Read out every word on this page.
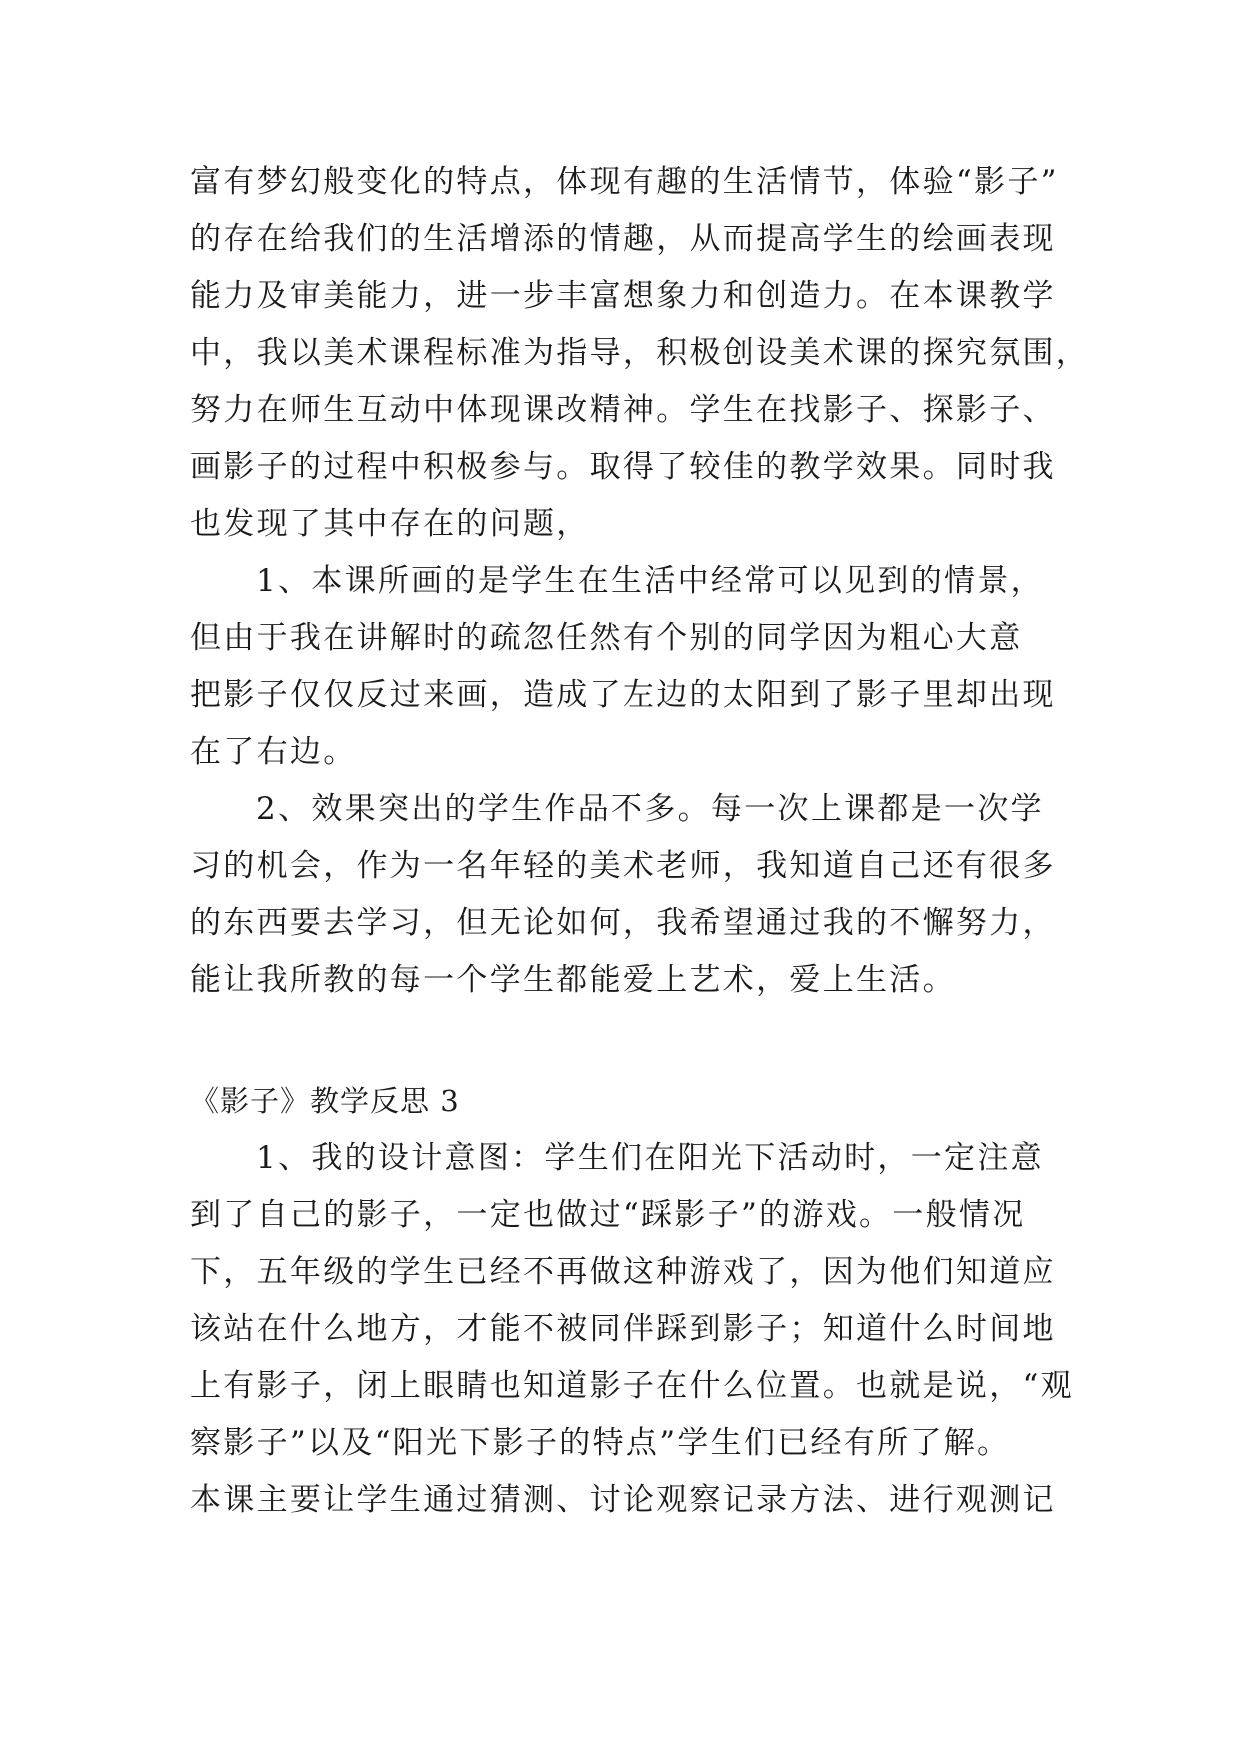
富有梦幻般变化的特点，体现有趣的生活情节，体验“影子”
的存在给我们的生活增添的情趣，从而提高学生的绘画表现
能力及审美能力，进一步丰富想象力和创造力。在本课教学
中，我以美术课程标准为指导，积极创设美术课的探究氛围，
努力在师生互动中体现课改精神。学生在找影子、探影子、
画影子的过程中积极参与。取得了较佳的教学效果。同时我
也发现了其中存在的问题，
1、本课所画的是学生在生活中经常可以见到的情景，
但由于我在讲解时的疏忽任然有个别的同学因为粗心大意
把影子仅仅反过来画，造成了左边的太阳到了影子里却出现
在了右边。
2、效果突出的学生作品不多。每一次上课都是一次学
习的机会，作为一名年轻的美术老师，我知道自己还有很多
的东西要去学习，但无论如何，我希望通过我的不懈努力，
能让我所教的每一个学生都能爱上艺术，爱上生活。
《影子》教学反思 3
1、我的设计意图：学生们在阳光下活动时，一定注意
到了自己的影子，一定也做过“踩影子”的游戏。一般情况
下，五年级的学生已经不再做这种游戏了，因为他们知道应
该站在什么地方，才能不被同伴踩到影子；知道什么时间地
上有影子，闭上眼睛也知道影子在什么位置。也就是说，“观
察影子”以及“阳光下影子的特点”学生们已经有所了解。
本课主要让学生通过猜测、讨论观察记录方法、进行观测记
